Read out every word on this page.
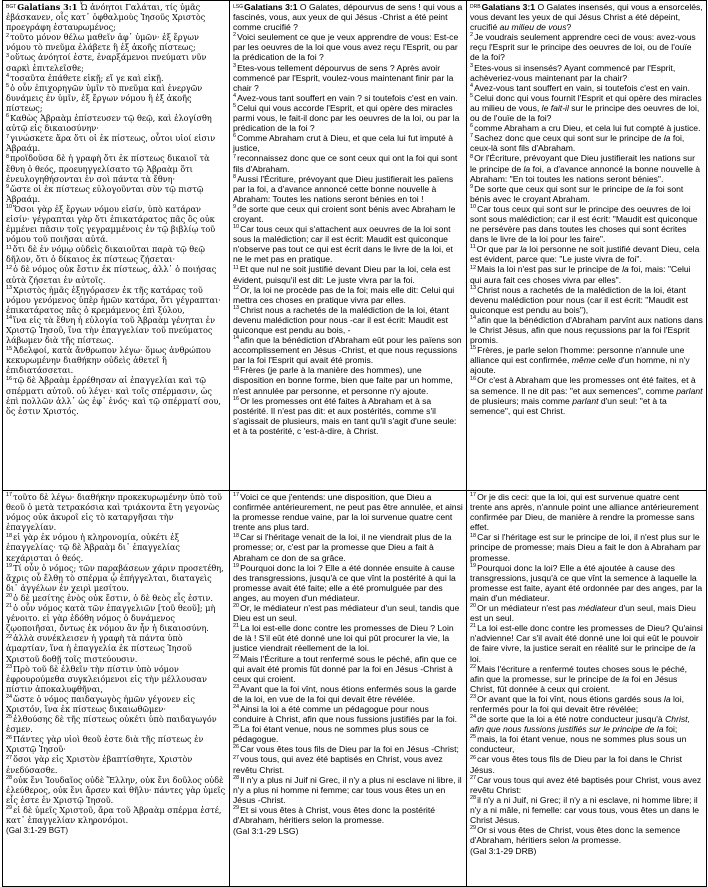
$^{BGT}$Galatians 3:1 Ὦ ἀνόητοι Γαλάται, τίς ὑμᾶς ἐβάσκανεν, οἷς κατ᾽ ὀφθαλμοὺς Ἰησοῦς Χριστὸς προεγράφη ἐσταυρωμένος;
$^2$τοῦτο μόνον θέλω μαθεῖν ἀφ᾽ ὑμῶν· ἐξ ἔργων νόμου τὸ πνεῦμα ἐλάβετε ἢ ἐξ ἀκοῆς πίστεως;
$^3$οὕτως ἀνόητοί ἐστε, ἐναρξάμενοι πνεύματι νῦν σαρκὶ ἐπιτελεῖσθε;
$^4$τοσαῦτα ἐπάθετε εἰκῇ; εἴ γε καὶ εἰκῇ.
$^5$ὁ οὖν ἐπιχορηγῶν ὑμῖν τὸ πνεῦμα καὶ ἐνεργῶν δυνάμεις ἐν ὑμῖν, ἐξ ἔργων νόμου ἢ ἐξ ἀκοῆς πίστεως;
$^6$Καθὼς Ἀβραὰμ ἐπίστευσεν τῷ θεῷ, καὶ ἐλογίσθη αὐτῷ εἰς δικαιοσύνην·
$^7$γινώσκετε ἄρα ὅτι οἱ ἐκ πίστεως, οὗτοι υἱοί εἰσιν Ἀβραάμ.
$^8$προϊδοῦσα δὲ ἡ γραφὴ ὅτι ἐκ πίστεως δικαιοῖ τὰ ἔθνη ὁ θεός, προευηγγελίσατο τῷ Ἀβραὰμ ὅτι ἐνευλογηθήσονται ἐν σοὶ πάντα τὰ ἔθνη·
$^9$ὥστε οἱ ἐκ πίστεως εὐλογοῦνται σὺν τῷ πιστῷ Ἀβραάμ.
$^{10}$Ὅσοι γὰρ ἐξ ἔργων νόμου εἰσίν, ὑπὸ κατάραν εἰσίν· γέγραπται γὰρ ὅτι ἐπικατάρατος πᾶς ὃς οὐκ ἐμμένει πᾶσιν τοῖς γεγραμμένοις ἐν τῷ βιβλίῳ τοῦ νόμου τοῦ ποιῆσαι αὐτά.
$^{11}$ὅτι δὲ ἐν νόμῳ οὐδεὶς δικαιοῦται παρὰ τῷ θεῷ δῆλον, ὅτι ὁ δίκαιος ἐκ πίστεως ζήσεται·
$^{12}$ὁ δὲ νόμος οὐκ ἔστιν ἐκ πίστεως, ἀλλ᾽ ὁ ποιήσας αὐτὰ ζήσεται ἐν αὐτοῖς.
$^{13}$Χριστὸς ἡμᾶς ἐξηγόρασεν ἐκ τῆς κατάρας τοῦ νόμου γενόμενος ὑπὲρ ἡμῶν κατάρα, ὅτι γέγραπται· ἐπικατάρατος πᾶς ὁ κρεμάμενος ἐπὶ ξύλου,
$^{14}$ἵνα εἰς τὰ ἔθνη ἡ εὐλογία τοῦ Ἀβραὰμ γένηται ἐν Χριστῷ Ἰησοῦ, ἵνα τὴν ἐπαγγελίαν τοῦ πνεύματος λάβωμεν διὰ τῆς πίστεως.
$^{15}$Ἀδελφοί, κατὰ ἄνθρωπον λέγω· ὅμως ἀνθρώπου κεκυρωμένην διαθήκην οὐδεὶς ἀθετεῖ ἢ ἐπιδιατάσσεται.
$^{16}$τῷ δὲ Ἀβραὰμ ἐρρέθησαν αἱ ἐπαγγελίαι καὶ τῷ σπέρματι αὐτοῦ. οὐ λέγει· καὶ τοῖς σπέρμασιν, ὡς ἐπὶ πολλῶν ἀλλ᾽ ὡς ἐφ᾽ ἑνός· καὶ τῷ σπέρματί σου, ὅς ἐστιν Χριστός.
$^{LSG}$Galatians 3:1 O Galates, dépourvus de sens ! qui vous a fascinés, vous, aux yeux de qui Jésus -Christ a été peint comme crucifié ?
$^2$Voici seulement ce que je veux apprendre de vous: Est-ce par les oeuvres de la loi que vous avez reçu l'Esprit, ou par la prédication de la foi ?
$^3$Etes-vous tellement dépourvus de sens ? Après avoir commencé par l'Esprit, voulez-vous maintenant finir par la chair ?
$^4$Avez-vous tant souffert en vain ? si toutefois c'est en vain.
$^5$Celui qui vous accorde l'Esprit, et qui opère des miracles parmi vous, le fait-il donc par les oeuvres de la loi, ou par la prédication de la foi ?
$^6$Comme Abraham crut à Dieu, et que cela lui fut imputé à justice,
$^7$reconnaissez donc que ce sont ceux qui ont la foi qui sont fils d'Abraham.
$^8$Aussi l'Écriture, prévoyant que Dieu justifierait les païens par la foi, a d'avance annoncé cette bonne nouvelle à Abraham: Toutes les nations seront bénies en toi !
$^9$de sorte que ceux qui croient sont bénis avec Abraham le croyant.
$^{10}$Car tous ceux qui s'attachent aux oeuvres de la loi sont sous la malédiction; car il est écrit: Maudit est quiconque n'observe pas tout ce qui est écrit dans le livre de la loi, et ne le met pas en pratique.
$^{11}$Et que nul ne soit justifié devant Dieu par la loi, cela est évident, puisqu'il est dit: Le juste vivra par la foi.
$^{12}$Or, la loi ne procède pas de la foi; mais elle dit: Celui qui mettra ces choses en pratique vivra par elles.
$^{13}$Christ nous a rachetés de la malédiction de la loi, étant devenu malédiction pour nous -car il est écrit: Maudit est quiconque est pendu au bois, -
$^{14}$afin que la bénédiction d'Abraham eût pour les païens son accomplissement en Jésus -Christ, et que nous reçussions par la foi l'Esprit qui avait été promis.
$^{15}$Frères (je parle à la manière des hommes), une disposition en bonne forme, bien que faite par un homme, n'est annulée par personne, et personne n'y ajoute.
$^{16}$Or les promesses ont été faites à Abraham et à sa postérité. Il n'est pas dit: et aux postérités, comme s'il s'agissait de plusieurs, mais en tant qu'il s'agit d'une seule: et à ta postérité, c 'est-à-dire, à Christ.
$^{DRB}$Galatians 3:1 O Galates insensés, qui vous a ensorcelés, vous devant les yeux de qui Jésus Christ a été dépeint, crucifié au milieu de vous?
$^2$Je voudrais seulement apprendre ceci de vous: avez-vous reçu l'Esprit sur le principe des oeuvres de loi, ou de l'ouïe de la foi?
$^3$Etes-vous si insensés? Ayant commencé par l'Esprit, achèveriez-vous maintenant par la chair?
$^4$Avez-vous tant souffert en vain, si toutefois c'est en vain.
$^5$Celui donc qui vous fournit l'Esprit et qui opère des miracles au milieu de vous, le fait-il sur le principe des oeuvres de loi, ou de l'ouïe de la foi?
$^6$comme Abraham a cru Dieu, et cela lui fut compté à justice.
$^7$Sachez donc que ceux qui sont sur le principe de la foi, ceux-là sont fils d'Abraham.
$^8$Or l'Écriture, prévoyant que Dieu justifierait les nations sur le principe de la foi, a d'avance annoncé la bonne nouvelle à Abraham: "En toi toutes les nations seront bénies".
$^9$De sorte que ceux qui sont sur le principe de la foi sont bénis avec le croyant Abraham.
$^{10}$Car tous ceux qui sont sur le principe des oeuvres de loi sont sous malédiction; car il est écrit: "Maudit est quiconque ne persévère pas dans toutes les choses qui sont écrites dans le livre de la loi pour les faire".
$^{11}$Or que par la loi personne ne soit justifié devant Dieu, cela est évident, parce que: "Le juste vivra de foi".
$^{12}$Mais la loi n'est pas sur le principe de la foi, mais: "Celui qui aura fait ces choses vivra par elles".
$^{13}$Christ nous a rachetés de la malédiction de la loi, étant devenu malédiction pour nous (car il est écrit: "Maudit est quiconque est pendu au bois"),
$^{14}$afin que la bénédiction d'Abraham parvînt aux nations dans le Christ Jésus, afin que nous reçussions par la foi l'Esprit promis.
$^{15}$Frères, je parle selon l'homme: personne n'annule une alliance qui est confirmée, même celle d'un homme, ni n'y ajoute.
$^{16}$Or c'est à Abraham que les promesses ont été faites, et à sa semence. Il ne dit pas: "et aux semences", comme parlant de plusieurs; mais comme parlant d'un seul: "et à ta semence", qui est Christ.
$^{17}$τοῦτο δὲ λέγω· διαθήκην προκεκυρωμένην ὑπὸ τοῦ θεοῦ ὁ μετὰ τετρακόσια καὶ τριάκοντα ἔτη γεγονὼς νόμος οὐκ ἀκυροῖ εἰς τὸ καταργῆσαι τὴν ἐπαγγελίαν.
$^{18}$εἰ γὰρ ἐκ νόμου ἡ κληρονομία, οὐκέτι ἐξ ἐπαγγελίας· τῷ δὲ Ἀβραὰμ δι᾽ ἐπαγγελίας κεχάρισται ὁ θεός.
$^{19}$Τί οὖν ὁ νόμος; τῶν παραβάσεων χάριν προσετέθη, ἄχρις οὗ ἔλθῃ τὸ σπέρμα ᾧ ἐπήγγελται, διαταγεὶς δι᾽ ἀγγέλων ἐν χειρὶ μεσίτου.
$^{20}$ὁ δὲ μεσίτης ἑνὸς οὐκ ἔστιν, ὁ δὲ θεὸς εἷς ἐστιν.
$^{21}$ὁ οὖν νόμος κατὰ τῶν ἐπαγγελιῶν [τοῦ θεοῦ]; μὴ γένοιτο. εἰ γὰρ ἐδόθη νόμος ὁ δυνάμενος ζῳοποιῆσαι, ὄντως ἐκ νόμου ἂν ἦν ἡ δικαιοσύνη.
$^{22}$ἀλλὰ συνέκλεισεν ἡ γραφὴ τὰ πάντα ὑπὸ ἁμαρτίαν, ἵνα ἡ ἐπαγγελία ἐκ πίστεως Ἰησοῦ Χριστοῦ δοθῇ τοῖς πιστεύουσιν.
$^{23}$Πρὸ τοῦ δὲ ἐλθεῖν τὴν πίστιν ὑπὸ νόμον ἐφρουρούμεθα συγκλειόμενοι εἰς τὴν μέλλουσαν πίστιν ἀποκαλυφθῆναι,
$^{24}$ὥστε ὁ νόμος παιδαγωγὸς ἡμῶν γέγονεν εἰς Χριστόν, ἵνα ἐκ πίστεως δικαιωθῶμεν·
$^{25}$ἐλθούσης δὲ τῆς πίστεως οὐκέτι ὑπὸ παιδαγωγόν ἐσμεν.
$^{26}$Πάντες γὰρ υἱοὶ θεοῦ ἐστε διὰ τῆς πίστεως ἐν Χριστῷ Ἰησοῦ·
$^{27}$ὅσοι γὰρ εἰς Χριστὸν ἐβαπτίσθητε, Χριστὸν ἐνεδύσασθε.
$^{28}$οὐκ ἔνι Ἰουδαῖος οὐδὲ Ἕλλην, οὐκ ἔνι δοῦλος οὐδὲ ἐλεύθερος, οὐκ ἔνι ἄρσεν καὶ θῆλυ· πάντες γὰρ ὑμεῖς εἷς ἐστε ἐν Χριστῷ Ἰησοῦ.
$^{29}$εἰ δὲ ὑμεῖς Χριστοῦ, ἄρα τοῦ Ἀβραὰμ σπέρμα ἐστέ, κατ᾽ ἐπαγγελίαν κληρονόμοι.
(Gal 3:1-29 BGT)
$^{17}$Voici ce que j'entends: une disposition, que Dieu a confirmée antérieurement, ne peut pas être annulée, et ainsi la promesse rendue vaine, par la loi survenue quatre cent trente ans plus tard.
$^{18}$Car si l'héritage venait de la loi, il ne viendrait plus de la promesse; or, c'est par la promesse que Dieu a fait à Abraham ce don de sa grâce.
$^{19}$Pourquoi donc la loi ? Elle a été donnée ensuite à cause des transgressions, jusqu'à ce que vînt la postérité à qui la promesse avait été faite; elle a été promulguée par des anges, au moyen d'un médiateur.
$^{20}$Or, le médiateur n'est pas médiateur d'un seul, tandis que Dieu est un seul.
$^{21}$La loi est-elle donc contre les promesses de Dieu ? Loin de là ! S'il eût été donné une loi qui pût procurer la vie, la justice viendrait réellement de la loi.
$^{22}$Mais l'Écriture a tout renfermé sous le péché, afin que ce qui avait été promis fût donné par la foi en Jésus -Christ à ceux qui croient.
$^{23}$Avant que la foi vînt, nous étions enfermés sous la garde de la loi, en vue de la foi qui devait être révélée.
$^{24}$Ainsi la loi a été comme un pédagogue pour nous conduire à Christ, afin que nous fussions justifiés par la foi.
$^{25}$La foi étant venue, nous ne sommes plus sous ce pédagogue.
$^{26}$Car vous êtes tous fils de Dieu par la foi en Jésus -Christ;
$^{27}$vous tous, qui avez été baptisés en Christ, vous avez revêtu Christ.
$^{28}$Il n'y a plus ni Juif ni Grec, il n'y a plus ni esclave ni libre, il n'y a plus ni homme ni femme; car tous vous êtes un en Jésus -Christ.
$^{29}$Et si vous êtes à Christ, vous êtes donc la postérité d'Abraham, héritiers selon la promesse.
(Gal 3:1-29 LSG)
$^{17}$Or je dis ceci: que la loi, qui est survenue quatre cent trente ans après, n'annule point une alliance antérieurement confirmée par Dieu, de manière à rendre la promesse sans effet.
$^{18}$Car si l'héritage est sur le principe de loi, il n'est plus sur le principe de promesse; mais Dieu a fait le don à Abraham par promesse.
$^{19}$Pourquoi donc la loi? Elle a été ajoutée à cause des transgressions, jusqu'à ce que vînt la semence à laquelle la promesse est faite, ayant été ordonnée par des anges, par la main d'un médiateur.
$^{20}$Or un médiateur n'est pas médiateur d'un seul, mais Dieu est un seul.
$^{21}$La loi est-elle donc contre les promesses de Dieu? Qu'ainsi n'advienne! Car s'il avait été donné une loi qui eût le pouvoir de faire vivre, la justice serait en réalité sur le principe de la loi.
$^{22}$Mais l'écriture a renfermé toutes choses sous le péché, afin que la promesse, sur le principe de la foi en Jésus Christ, fût donnée à ceux qui croient.
$^{23}$Or avant que la foi vînt, nous étions gardés sous la loi, renfermés pour la foi qui devait être révélée;
$^{24}$de sorte que la loi a été notre conducteur jusqu'à Christ, afin que nous fussions justifiés sur le principe de la foi;
$^{25}$mais, la foi étant venue, nous ne sommes plus sous un conducteur,
$^{26}$car vous êtes tous fils de Dieu par la foi dans le Christ Jésus.
$^{27}$Car vous tous qui avez été baptisés pour Christ, vous avez revêtu Christ:
$^{28}$il n'y a ni Juif, ni Grec; il n'y a ni esclave, ni homme libre; il n'y a ni mâle, ni femelle: car vous tous, vous êtes un dans le Christ Jésus.
$^{29}$Or si vous êtes de Christ, vous êtes donc la semence d'Abraham, héritiers selon la promesse.
(Gal 3:1-29 DRB)
